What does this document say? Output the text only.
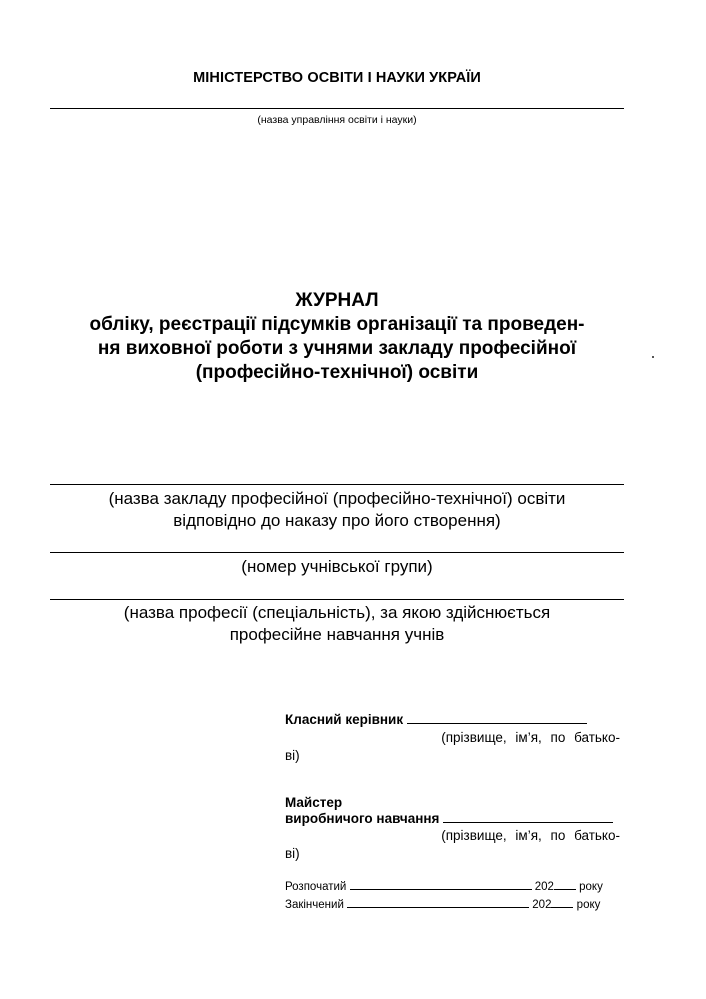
МІНІСТЕРСТВО ОСВІТИ І НАУКИ УКРАЇИ
(назва управління освіти і науки)
ЖУРНАЛ
обліку, реєстрації підсумків організації та проведен-
ня виховної роботи з учнями закладу професійної
(професійно-технічної) освіти
(назва закладу професійної (професійно-технічної) освіти
відповідно до наказу про його створення)
(номер учнівської групи)
(назва професії (спеціальність), за якою здійснюється
професійне навчання учнів
Класний керівник
(прізвище, ім’я, по батько-
ві)
Майстер
виробничого навчання
(прізвище, ім’я, по батько-
ві)
Розпочатий	202 року
Закінчений	202 року
